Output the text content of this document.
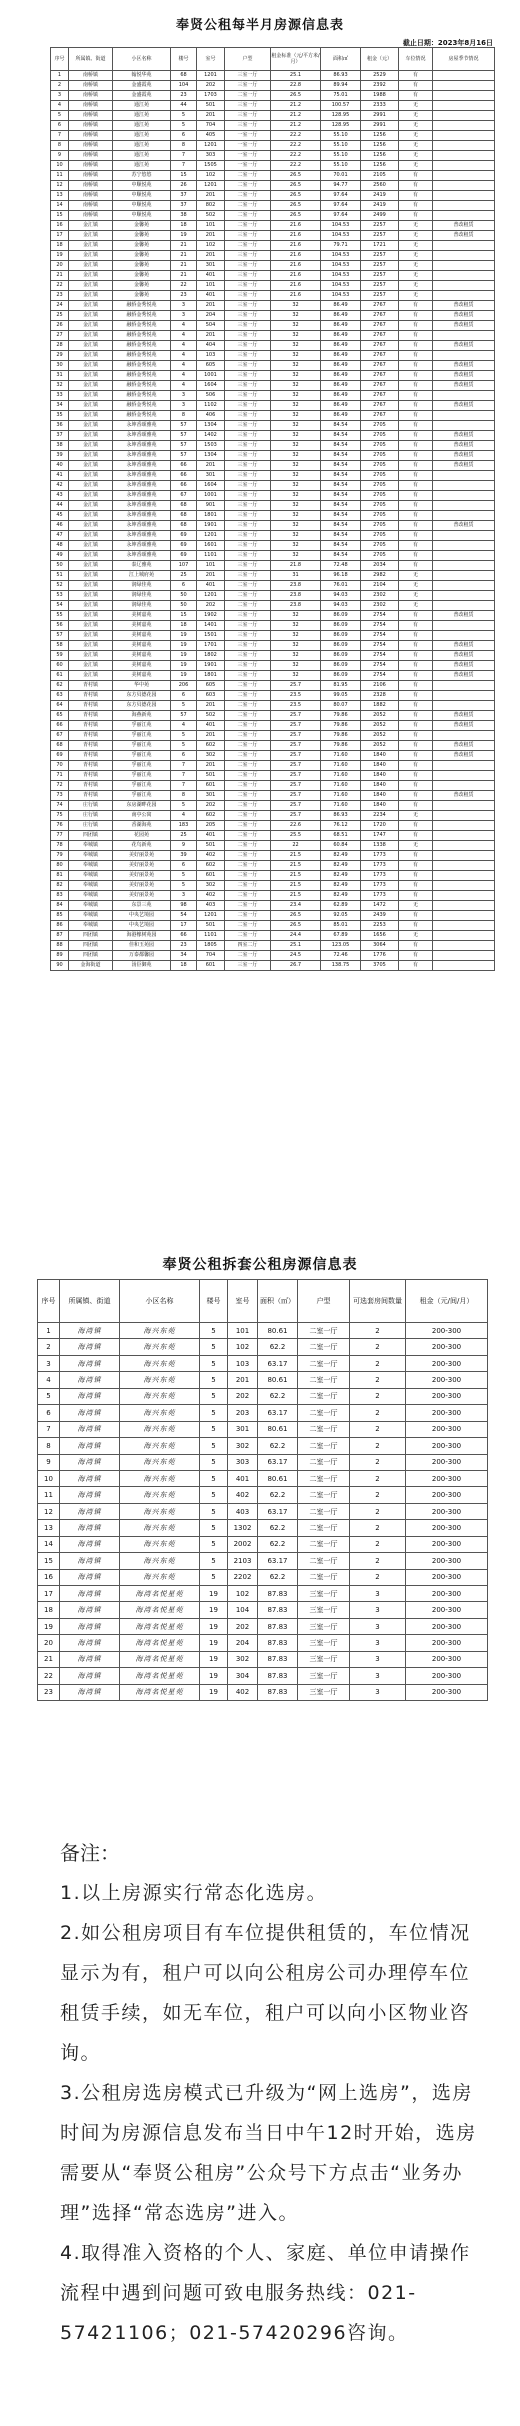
奉贤公租每半月房源信息表
截止日期：2023年8月16日
序号	所属镇、街道	小区名称	楼号	室号	户型	租金标准（元/平方米/月）	面积㎡	租金（元）	车位情况	房屋季节情况
1	南桥镇	翰悦华苑	68	1201	三室一厅	25.1	86.93	2529	有	
2	南桥镇	金盛霞苑	104	202	三室一厅	22.8	89.94	2392	有	
3	南桥镇	金盛霞苑	23	1703	二室一厅	26.5	75.01	1988	有	
4	南桥镇	通江苑	44	501	三室一厅	21.2	100.57	2333	无	
5	南桥镇	通江苑	5	201	三室一厅	21.2	128.95	2991	无	
6	南桥镇	通江苑	5	704	三室一厅	21.2	128.95	2991	无	
7	南桥镇	通江苑	6	405	一室一厅	22.2	55.10	1256	无	
8	南桥镇	通江苑	8	1201	一室一厅	22.2	55.10	1256	无	
9	南桥镇	通江苑	7	303	一室一厅	22.2	55.10	1256	无	
10	南桥镇	通江苑	7	1505	一室一厅	22.2	55.10	1256	无	
11	南桥镇	苏宁悠悠	15	102	二室一厅	26.5	70.01	2105	有	
12	南桥镇	中顺悦苑	26	1201	二室一厅	26.5	94.77	2560	有	
13	南桥镇	中顺悦苑	37	201	二室一厅	26.5	97.64	2419	有	
14	南桥镇	中顺悦苑	37	802	二室一厅	26.5	97.64	2419	有	
15	南桥镇	中顺悦苑	38	502	二室一厅	26.5	97.64	2499	有	
16	金汇镇	金馨苑	18	101	二室一厅	21.6	104.53	2257	无	普改租赁
17	金汇镇	金馨苑	19	201	三室一厅	21.6	104.53	2257	无	普改租赁
18	金汇镇	金馨苑	21	102	二室一厅	21.6	79.71	1721	无	
19	金汇镇	金馨苑	21	201	三室一厅	21.6	104.53	2257	无	
20	金汇镇	金馨苑	21	301	三室一厅	21.6	104.53	2257	无	
21	金汇镇	金馨苑	21	401	三室一厅	21.6	104.53	2257	无	
22	金汇镇	金馨苑	22	101	三室一厅	21.6	104.53	2257	无	
23	金汇镇	金馨苑	23	401	三室一厅	21.6	104.53	2257	无	
24	金汇镇	融侨金秀悦苑	3	201	三室一厅	32	86.49	2767	有	普改租赁
25	金汇镇	融侨金秀悦苑	3	204	三室一厅	32	86.49	2767	有	普改租赁
26	金汇镇	融侨金秀悦苑	4	504	三室一厅	32	86.49	2767	有	普改租赁
27	金汇镇	融侨金秀悦苑	4	201	三室一厅	32	86.49	2767	有	
28	金汇镇	融侨金秀悦苑	4	404	三室一厅	32	86.49	2767	有	普改租赁
29	金汇镇	融侨金秀悦苑	4	103	三室一厅	32	86.49	2767	有	
30	金汇镇	融侨金秀悦苑	4	605	三室一厅	32	86.49	2767	有	普改租赁
31	金汇镇	融侨金秀悦苑	4	1001	三室一厅	32	86.49	2767	有	普改租赁
32	金汇镇	融侨金秀悦苑	4	1604	三室一厅	32	86.49	2767	有	普改租赁
33	金汇镇	融侨金秀悦苑	3	506	三室一厅	32	86.49	2767	有	
34	金汇镇	融侨金秀悦苑	3	1102	三室一厅	32	86.49	2767	有	普改租赁
35	金汇镇	融侨金秀悦苑	8	406	三室一厅	32	86.49	2767	有	
36	金汇镇	永坤香颂雅苑	57	1304	三室一厅	32	84.54	2705	有	
37	金汇镇	永坤香颂雅苑	57	1402	三室一厅	32	84.54	2705	有	普改租赁
38	金汇镇	永坤香颂雅苑	57	1503	三室一厅	32	84.54	2705	有	普改租赁
39	金汇镇	永坤香颂雅苑	57	1304	三室一厅	32	84.54	2705	有	普改租赁
40	金汇镇	永坤香颂雅苑	66	201	三室一厅	32	84.54	2705	有	普改租赁
41	金汇镇	永坤香颂雅苑	66	301	三室一厅	32	84.54	2705	有	
42	金汇镇	永坤香颂雅苑	66	1604	三室一厅	32	84.54	2705	有	
43	金汇镇	永坤香颂雅苑	67	1001	三室一厅	32	84.54	2705	有	
44	金汇镇	永坤香颂雅苑	68	901	三室一厅	32	84.54	2705	有	
45	金汇镇	永坤香颂雅苑	68	1801	三室一厅	32	84.54	2705	有	
46	金汇镇	永坤香颂雅苑	68	1901	三室一厅	32	84.54	2705	有	普改租赁
47	金汇镇	永坤香颂雅苑	69	1201	三室一厅	32	84.54	2705	有	
48	金汇镇	永坤香颂雅苑	69	1601	三室一厅	32	84.54	2705	有	
49	金汇镇	永坤香颂雅苑	69	1101	三室一厅	32	84.54	2705	有	
50	金汇镇	泰辽雅苑	107	101	三室一厅	21.8	72.48	2034	有	
51	金汇镇	江上城府苑	25	201	三室一厅	31	96.18	2982	无	
52	金汇镇	润绿佳苑	6	401	二室一厅	23.8	76.01	2104	无	
53	金汇镇	润绿佳苑	50	1201	二室一厅	23.8	94.03	2302	无	
54	金汇镇	润绿佳苑	50	202	二室一厅	23.8	94.03	2302	无	
55	金汇镇	美树嘉苑	15	1902	三室一厅	32	86.09	2754	有	普改租赁
56	金汇镇	美树嘉苑	18	1401	三室一厅	32	86.09	2754	有	
57	金汇镇	美树嘉苑	19	1501	三室一厅	32	86.09	2754	有	
58	金汇镇	美树嘉苑	19	1701	三室一厅	32	86.09	2754	有	普改租赁
59	金汇镇	美树嘉苑	19	1802	三室一厅	32	86.09	2754	有	普改租赁
60	金汇镇	美树嘉苑	19	1901	三室一厅	32	86.09	2754	有	普改租赁
61	金汇镇	美树嘉苑	19	1801	三室一厅	32	86.09	2754	有	普改租赁
62	青村镇	华中苑	206	605	二室一厅	25.7	81.95	2106	有	
63	青村镇	东方贝德花园	6	603	二室一厅	23.5	99.05	2328	有	
64	青村镇	东方贝德花园	5	201	二室一厅	23.5	80.07	1882	有	
65	青村镇	海燕新苑	57	502	二室一厅	25.7	79.86	2052	有	普改租赁
66	青村镇	孚丽江苑	4	401	二室一厅	25.7	79.86	2052	有	普改租赁
67	青村镇	孚丽江苑	5	201	二室一厅	25.7	79.86	2052	有	
68	青村镇	孚丽江苑	5	602	二室一厅	25.7	79.86	2052	有	普改租赁
69	青村镇	孚丽江苑	6	302	二室一厅	25.7	71.60	1840	有	普改租赁
70	青村镇	孚丽江苑	7	201	二室一厅	25.7	71.60	1840	有	
71	青村镇	孚丽江苑	7	501	二室一厅	25.7	71.60	1840	有	
72	青村镇	孚丽江苑	7	601	二室一厅	25.7	71.60	1840	有	
73	青村镇	孚丽江苑	8	301	二室一厅	25.7	71.60	1840	有	普改租赁
74	庄行镇	东房湖畔花园	5	202	二室一厅	25.7	71.60	1840	有	
75	庄行镇	南亭公寓	4	602	二室一厅	25.7	86.93	2234	无	
76	庄行镇	香湖海苑	183	205	二室一厅	22.6	76.12	1720	有	
77	四团镇	花园苑	25	401	二室一厅	25.5	68.51	1747	有	
78	奉城镇	花鸟新苑	9	501	二室一厅	22	60.84	1338	无	
79	奉城镇	美好丽景苑	39	402	二室一厅	21.5	82.49	1773	有	
80	奉城镇	美好丽景苑	6	602	二室一厅	21.5	82.49	1773	有	
81	奉城镇	美好丽景苑	5	601	二室一厅	21.5	82.49	1773	有	
82	奉城镇	美好丽景苑	5	302	二室一厅	21.5	82.49	1773	有	
83	奉城镇	美好丽景苑	3	402	二室一厅	21.5	82.49	1773	有	
84	奉城镇	东景三苑	98	403	二室一厅	23.4	62.89	1472	无	
85	奉城镇	中央艺境园	54	1201	二室一厅	26.5	92.05	2439	有	
86	奉城镇	中央艺境园	17	501	二室一厅	26.5	85.01	2253	有	
87	四团镇	海港橡树苑园	66	1101	二室一厅	24.4	67.89	1656	无	
88	四团镇	佳和玉苑园	23	1805	四室二厅	25.1	123.05	3064	有	
89	四团镇	万泰都馨园	34	704	二室一厅	24.5	72.46	1776	有	
90	金海街道	汤臣御苑	18	601	三室一厅	26.7	138.75	3705	有	
奉贤公租拆套公租房源信息表
序号	所属镇、街道	小区名称	楼号	室号	面积（㎡）	户型	可选套房间数量	租金（元/间/月）
1	海湾镇	海兴东苑	5	101	80.61	二室一厅	2	200-300
2	海湾镇	海兴东苑	5	102	62.2	二室一厅	2	200-300
3	海湾镇	海兴东苑	5	103	63.17	二室一厅	2	200-300
4	海湾镇	海兴东苑	5	201	80.61	二室一厅	2	200-300
5	海湾镇	海兴东苑	5	202	62.2	二室一厅	2	200-300
6	海湾镇	海兴东苑	5	203	63.17	二室一厅	2	200-300
7	海湾镇	海兴东苑	5	301	80.61	二室一厅	2	200-300
8	海湾镇	海兴东苑	5	302	62.2	二室一厅	2	200-300
9	海湾镇	海兴东苑	5	303	63.17	二室一厅	2	200-300
10	海湾镇	海兴东苑	5	401	80.61	二室一厅	2	200-300
11	海湾镇	海兴东苑	5	402	62.2	二室一厅	2	200-300
12	海湾镇	海兴东苑	5	403	63.17	二室一厅	2	200-300
13	海湾镇	海兴东苑	5	1302	62.2	二室一厅	2	200-300
14	海湾镇	海兴东苑	5	2002	62.2	二室一厅	2	200-300
15	海湾镇	海兴东苑	5	2103	63.17	二室一厅	2	200-300
16	海湾镇	海兴东苑	5	2202	62.2	二室一厅	2	200-300
17	海湾镇	海湾名悦星苑	19	102	87.83	三室一厅	3	200-300
18	海湾镇	海湾名悦星苑	19	104	87.83	三室一厅	3	200-300
19	海湾镇	海湾名悦星苑	19	202	87.83	三室一厅	3	200-300
20	海湾镇	海湾名悦星苑	19	204	87.83	三室一厅	3	200-300
21	海湾镇	海湾名悦星苑	19	302	87.83	三室一厅	3	200-300
22	海湾镇	海湾名悦星苑	19	304	87.83	三室一厅	3	200-300
23	海湾镇	海湾名悦星苑	19	402	87.83	三室一厅	3	200-300
备注：

1.以上房源实行常态化选房。

2.如公租房项目有车位提供租赁的，车位情况显示为有，租户可以向公租房公司办理停车位租赁手续，如无车位，租户可以向小区物业咨询。

3.公租房选房模式已升级为“网上选房”，选房时间为房源信息发布当日中午12时开始，选房需要从“奉贤公租房”公众号下方点击“业务办理”选择“常态选房”进入。

4.取得准入资格的个人、家庭、单位申请操作流程中遇到问题可致电服务热线：021-57421106；021-57420296咨询。
